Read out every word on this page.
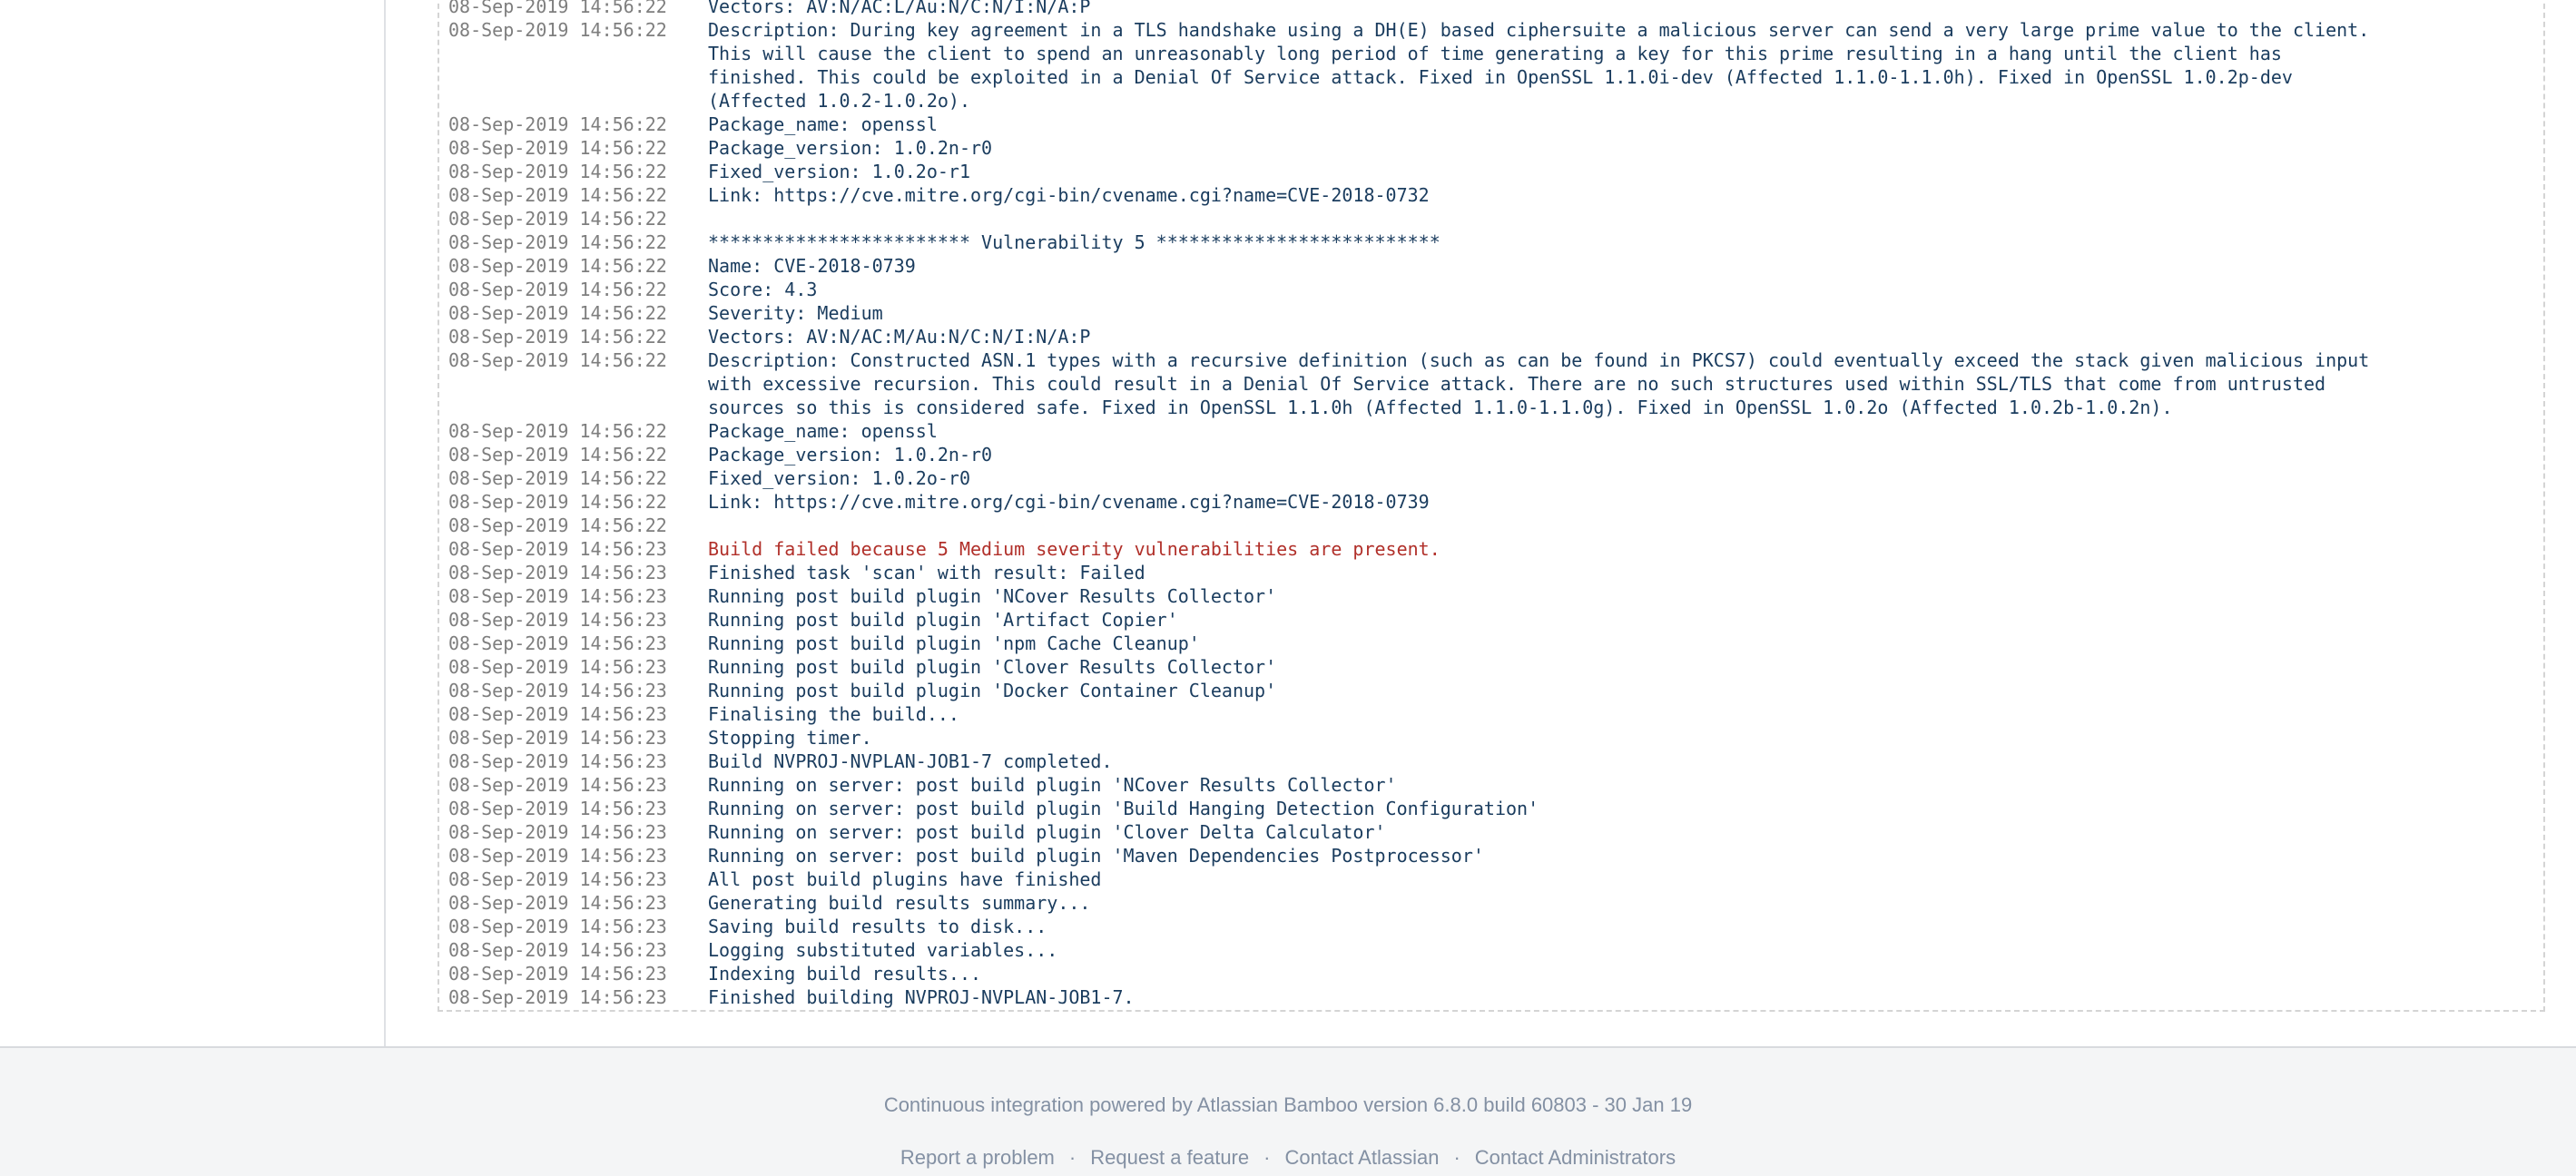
08-Sep-2019 14:56:22	Vectors: AV:N/AC:L/Au:N/C:N/I:N/A:P
08-Sep-2019 14:56:22	Description: During key agreement in a TLS handshake using a DH(E) based ciphersuite a malicious server can send a very large prime value to the client.
This will cause the client to spend an unreasonably long period of time generating a key for this prime resulting in a hang until the client has
finished. This could be exploited in a Denial Of Service attack. Fixed in OpenSSL 1.1.0i-dev (Affected 1.1.0-1.1.0h). Fixed in OpenSSL 1.0.2p-dev
(Affected 1.0.2-1.0.2o).
08-Sep-2019 14:56:22	Package_name: openssl
08-Sep-2019 14:56:22	Package_version: 1.0.2n-r0
08-Sep-2019 14:56:22	Fixed_version: 1.0.2o-r1
08-Sep-2019 14:56:22	Link: https://cve.mitre.org/cgi-bin/cvename.cgi?name=CVE-2018-0732
08-Sep-2019 14:56:22
08-Sep-2019 14:56:22	************************ Vulnerability 5 **************************
08-Sep-2019 14:56:22	Name: CVE-2018-0739
08-Sep-2019 14:56:22	Score: 4.3
08-Sep-2019 14:56:22	Severity: Medium
08-Sep-2019 14:56:22	Vectors: AV:N/AC:M/Au:N/C:N/I:N/A:P
08-Sep-2019 14:56:22	Description: Constructed ASN.1 types with a recursive definition (such as can be found in PKCS7) could eventually exceed the stack given malicious input
with excessive recursion. This could result in a Denial Of Service attack. There are no such structures used within SSL/TLS that come from untrusted
sources so this is considered safe. Fixed in OpenSSL 1.1.0h (Affected 1.1.0-1.1.0g). Fixed in OpenSSL 1.0.2o (Affected 1.0.2b-1.0.2n).
08-Sep-2019 14:56:22	Package_name: openssl
08-Sep-2019 14:56:22	Package_version: 1.0.2n-r0
08-Sep-2019 14:56:22	Fixed_version: 1.0.2o-r0
08-Sep-2019 14:56:22	Link: https://cve.mitre.org/cgi-bin/cvename.cgi?name=CVE-2018-0739
08-Sep-2019 14:56:22
08-Sep-2019 14:56:23	Build failed because 5 Medium severity vulnerabilities are present.
08-Sep-2019 14:56:23	Finished task 'scan' with result: Failed
08-Sep-2019 14:56:23	Running post build plugin 'NCover Results Collector'
08-Sep-2019 14:56:23	Running post build plugin 'Artifact Copier'
08-Sep-2019 14:56:23	Running post build plugin 'npm Cache Cleanup'
08-Sep-2019 14:56:23	Running post build plugin 'Clover Results Collector'
08-Sep-2019 14:56:23	Running post build plugin 'Docker Container Cleanup'
08-Sep-2019 14:56:23	Finalising the build...
08-Sep-2019 14:56:23	Stopping timer.
08-Sep-2019 14:56:23	Build NVPROJ-NVPLAN-JOB1-7 completed.
08-Sep-2019 14:56:23	Running on server: post build plugin 'NCover Results Collector'
08-Sep-2019 14:56:23	Running on server: post build plugin 'Build Hanging Detection Configuration'
08-Sep-2019 14:56:23	Running on server: post build plugin 'Clover Delta Calculator'
08-Sep-2019 14:56:23	Running on server: post build plugin 'Maven Dependencies Postprocessor'
08-Sep-2019 14:56:23	All post build plugins have finished
08-Sep-2019 14:56:23	Generating build results summary...
08-Sep-2019 14:56:23	Saving build results to disk...
08-Sep-2019 14:56:23	Logging substituted variables...
08-Sep-2019 14:56:23	Indexing build results...
08-Sep-2019 14:56:23	Finished building NVPROJ-NVPLAN-JOB1-7.

Continuous integration powered by Atlassian Bamboo version 6.8.0 build 60803 - 30 Jan 19

Report a problem · Request a feature · Contact Atlassian · Contact Administrators
